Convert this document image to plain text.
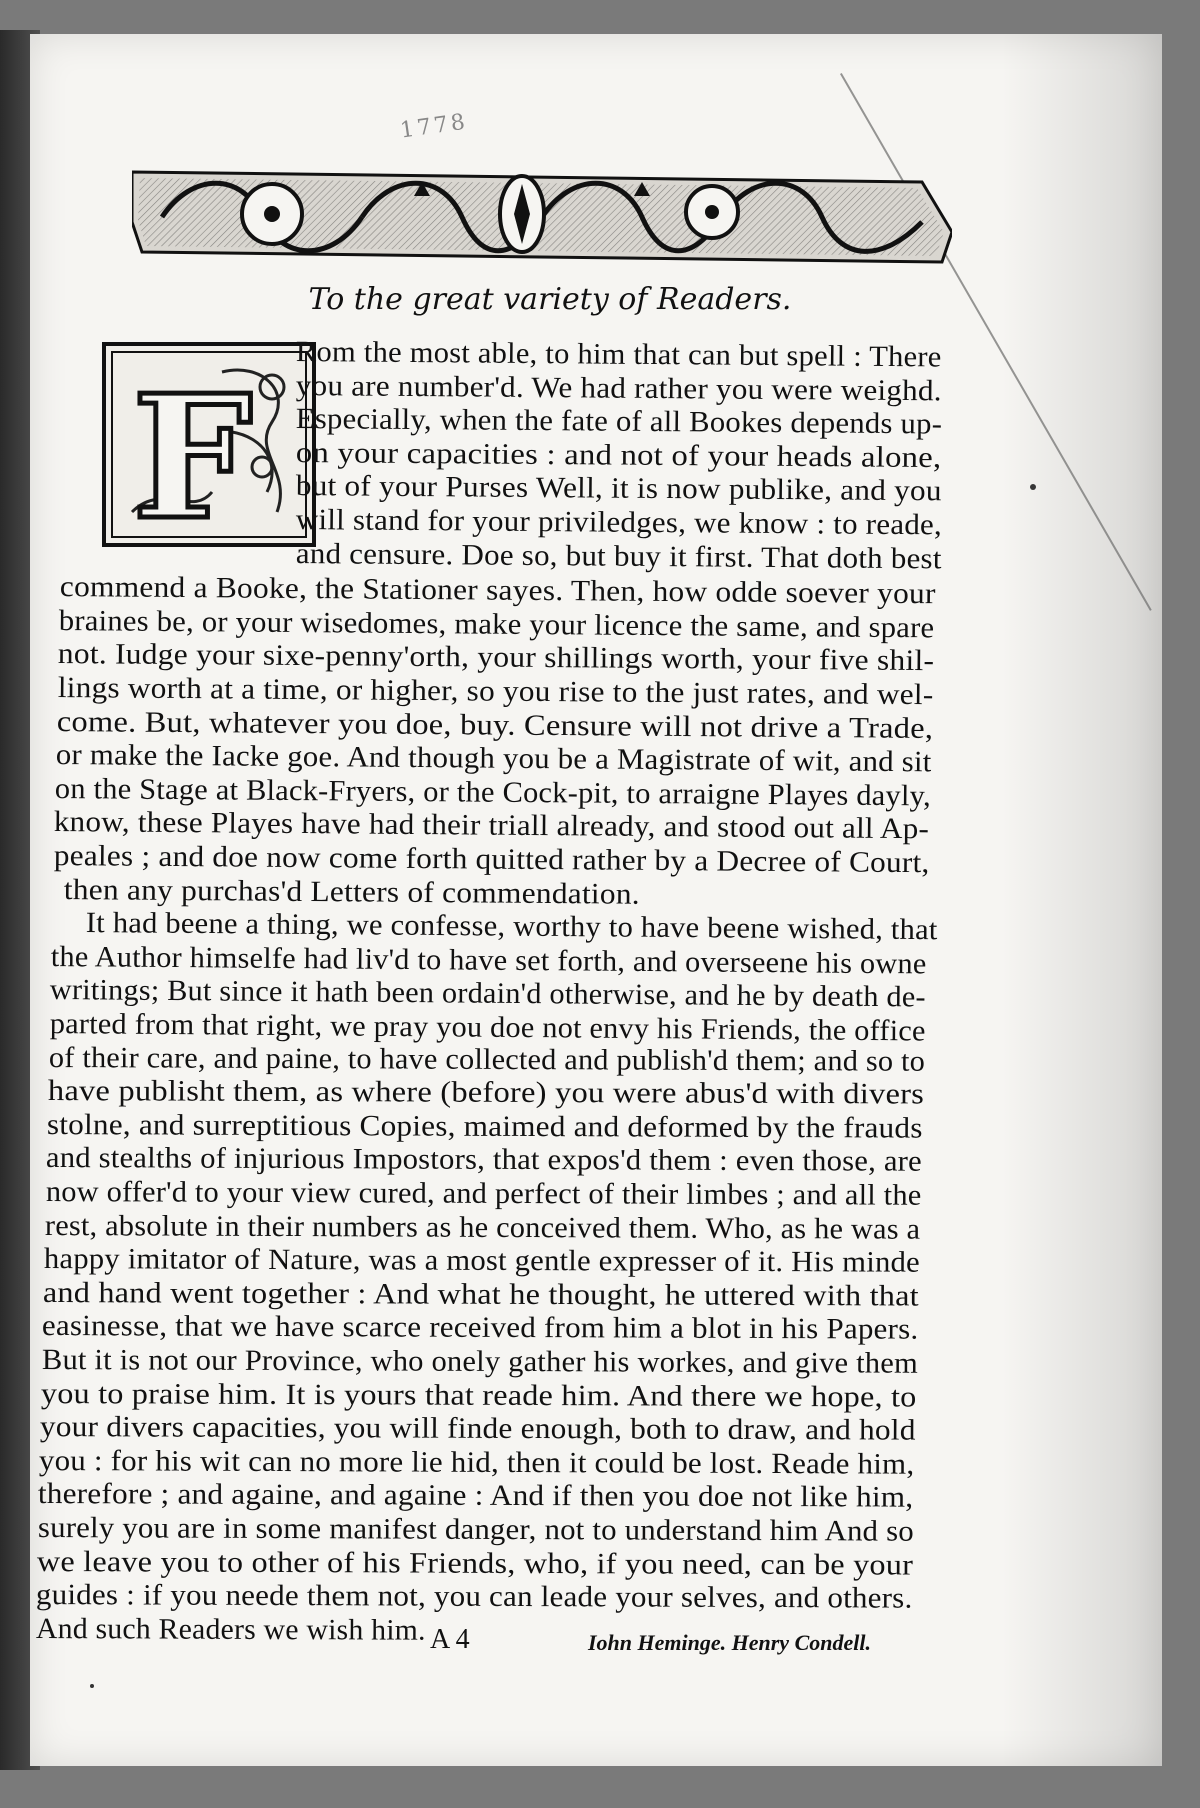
1778
To the great variety of Readers.
F
Rom the most able, to him that can but spell : There
you are number'd. We had rather you were weighd.
Especially, when the fate of all Bookes depends up-
on your capacities : and not of your heads alone,
but of your Purses Well, it is now publike, and you
will stand for your priviledges, we know : to reade,
and censure. Doe so, but buy it first. That doth best
commend a Booke, the Stationer sayes. Then, how odde soever your
braines be, or your wisedomes, make your licence the same, and spare
not. Iudge your sixe-penny'orth, your shillings worth, your five shil-
lings worth at a time, or higher, so you rise to the just rates, and wel-
come. But, whatever you doe, buy. Censure will not drive a Trade,
or make the Iacke goe. And though you be a Magistrate of wit, and sit
on the Stage at Black-Fryers, or the Cock-pit, to arraigne Playes dayly,
know, these Playes have had their triall already, and stood out all Ap-
peales ; and doe now come forth quitted rather by a Decree of Court,
then any purchas'd Letters of commendation.
It had beene a thing, we confesse, worthy to have beene wished, that
the Author himselfe had liv'd to have set forth, and overseene his owne
writings; But since it hath been ordain'd otherwise, and he by death de-
parted from that right, we pray you doe not envy his Friends, the office
of their care, and paine, to have collected and publish'd them; and so to
have publisht them, as where (before) you were abus'd with divers
stolne, and surreptitious Copies, maimed and deformed by the frauds
and stealths of injurious Impostors, that expos'd them : even those, are
now offer'd to your view cured, and perfect of their limbes ; and all the
rest, absolute in their numbers as he conceived them. Who, as he was a
happy imitator of Nature, was a most gentle expresser of it. His minde
and hand went together : And what he thought, he uttered with that
easinesse, that we have scarce received from him a blot in his Papers.
But it is not our Province, who onely gather his workes, and give them
you to praise him. It is yours that reade him. And there we hope, to
your divers capacities, you will finde enough, both to draw, and hold
you : for his wit can no more lie hid, then it could be lost. Reade him,
therefore ; and againe, and againe : And if then you doe not like him,
surely you are in some manifest danger, not to understand him And so
we leave you to other of his Friends, who, if you need, can be your
guides : if you neede them not, you can leade your selves, and others.
And such Readers we wish him. A 4	Iohn Heminge. Henry Condell.
